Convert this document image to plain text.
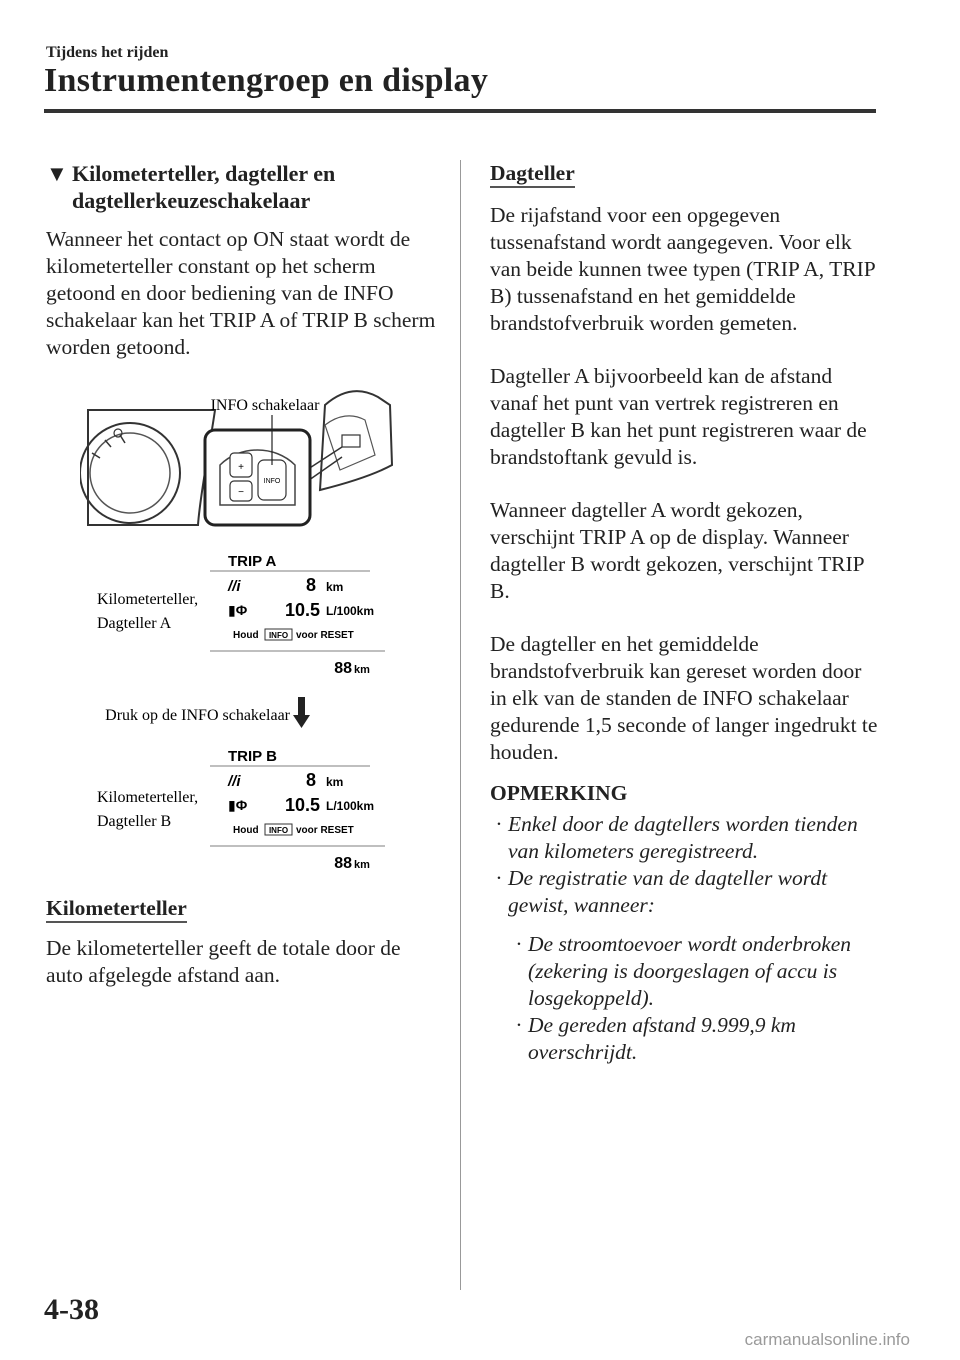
Tijdens het rijden
Instrumentengroep en display
▼ Kilometerteller, dagteller en
dagtellerkeuzeschakelaar

Wanneer het contact op ON staat wordt de kilometerteller constant op het scherm getoond en door bediening van de INFO schakelaar kan het TRIP A of TRIP B scherm worden getoond.

+
−
INFO
INFO schakelaar
TRIP A
//i	8 km
▮Φ 10.5 L/100km
Houd INFO voor RESET
88 km
Kilometerteller,
Dagteller A
Druk op de INFO schakelaar
TRIP B
//i	8 km
▮Φ 10.5 L/100km
Houd INFO voor RESET
88 km
Kilometerteller,
Dagteller B
Kilometerteller

De kilometerteller geeft de totale door de auto afgelegde afstand aan.

Dagteller

De rijafstand voor een opgegeven tussenafstand wordt aangegeven. Voor elk van beide kunnen twee typen (TRIP A, TRIP B) tussenafstand en het gemiddelde brandstofverbruik worden gemeten.

Dagteller A bijvoorbeeld kan de afstand vanaf het punt van vertrek registreren en dagteller B kan het punt registreren waar de brandstoftank gevuld is.

Wanneer dagteller A wordt gekozen, verschijnt TRIP A op de display. Wanneer dagteller B wordt gekozen, verschijnt TRIP B.

De dagteller en het gemiddelde brandstofverbruik kan gereset worden door in elk van de standen de INFO schakelaar gedurende 1,5 seconde of langer ingedrukt te houden.

OPMERKING
· Enkel door de dagtellers worden tienden van kilometers geregistreerd.
· De registratie van de dagteller wordt gewist, wanneer:
· De stroomtoevoer wordt onderbroken (zekering is doorgeslagen of accu is losgekoppeld).
· De gereden afstand 9.999,9 km overschrijdt.
4-38
carmanualsonline.info
